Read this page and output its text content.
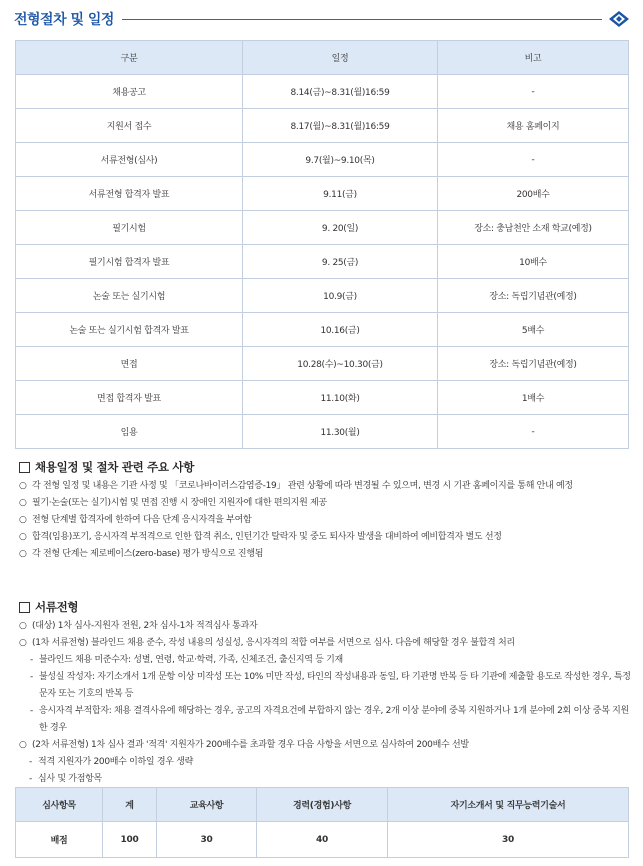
전형절차 및 일정
구분	일정	비고
채용공고	8.14(금)~8.31(월)16:59	-
지원서 접수	8.17(월)~8.31(월)16:59	채용 홈페이지
서류전형(심사)	9.7(월)~9.10(목)	-
서류전형 합격자 발표	9.11(금)	200배수
필기시험	9. 20(일)	장소: 충남천안 소재 학교(예정)
필기시험 합격자 발표	9. 25(금)	10배수
논술 또는 실기시험	10.9(금)	장소: 독립기념관(예정)
논술 또는 실기시험 합격자 발표	10.16(금)	5배수
면접	10.28(수)~10.30(금)	장소: 독립기념관(예정)
면접 합격자 발표	11.10(화)	1배수
임용	11.30(월)	-
채용일정 및 절차 관련 주요 사항
○ 각 전형 일정 및 내용은 기관 사정 및 「코로나바이러스감염증-19」 관련 상황에 따라 변경될 수 있으며, 변경 시 기관 홈페이지를 통해 안내 예정
○ 필기·논술(또는 실기)시험 및 면접 진행 시 장애인 지원자에 대한 편의지원 제공
○ 전형 단계별 합격자에 한하여 다음 단계 응시자격을 부여함
○ 합격(임용)포기, 응시자격 부적격으로 인한 합격 취소, 인턴기간 탈락자 및 중도 퇴사자 발생을 대비하여 예비합격자 별도 선정
○ 각 전형 단계는 제로베이스(zero-base) 평가 방식으로 진행됨
서류전형
○ (대상) 1차 심사-지원자 전원, 2차 심사-1차 적격심사 통과자
○ (1차 서류전형) 블라인드 채용 준수, 작성 내용의 성실성, 응시자격의 적합 여부를 서면으로 심사. 다음에 해당할 경우 불합격 처리
- 블라인드 채용 미준수자: 성별, 연령, 학교·학력, 가족, 신체조건, 출신지역 등 기재
- 불성실 작성자: 자기소개서 1개 문항 이상 미작성 또는 10% 미만 작성, 타인의 작성내용과 동일, 타 기관명 반복 등 타 기관에 제출할 용도로 작성한 경우, 특정 문자 또는 기호의 반복 등
- 응시자격 부적합자: 채용 결격사유에 해당하는 경우, 공고의 자격요건에 부합하지 않는 경우, 2개 이상 분야에 중복 지원하거나 1개 분야에 2회 이상 중복 지원한 경우
○ (2차 서류전형) 1차 심사 결과 '적격' 지원자가 200배수를 초과할 경우 다음 사항을 서면으로 심사하여 200배수 선발
- 적격 지원자가 200배수 이하일 경우 생략
- 심사 및 가점항목
심사항목	계	교육사항	경력(경험)사항	자기소개서 및 직무능력기술서
배점	100	30	40	30
